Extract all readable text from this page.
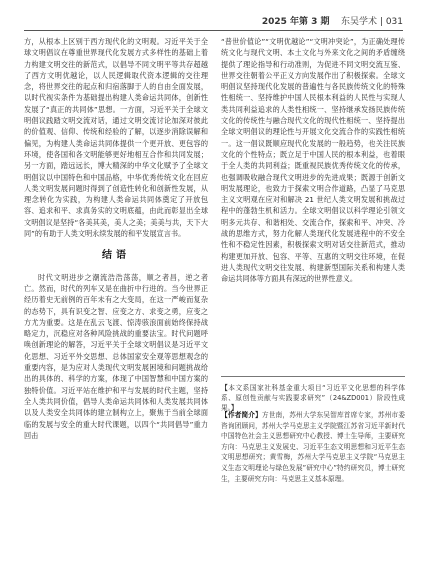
2025 年第 3 期 东吴学术 | 031

方，从根本上区别于西方现代化的文明观。习近平关于全球文明倡议在尊重世界现代化发展方式多样性的基础上着力构建文明交往的新范式，以倡导不同文明平等共存超越了西方文明优越论，以人民逻辑取代资本逻辑的交往理念，将世界交往的起点和归宿落脚于人的自由全面发展，以时代视实条件为基础提出构建人类命运共同体，创新性发展了“真正的共同体”思想。一方面，习近平关于全球文明倡议践踏文明交流对话，通过文明交流讨论加深对彼此的价值观、信仰、传统和经验的了解，以逐步消除误解和偏见，为构建人类命运共同体提供一个更开放、更包容的环境，使各国和各文明能够更好地相互合作和共同发展；另一方面，踏远远长，博大精深的中华文化赋予了全球文明倡议以中国特色和中国品格，中华优秀传统文化在回应人类文明发展问题时得到了创造性转化和创新性发展，从理念转化为实践，为构建人类命运共同体奠定了开放包容、追求和平、求真务实的文明底蕴，由此而彰显出全球文明倡议是坚持“各美其美，美人之美；美美与共，天下大同”的有助于人类文明永续发展的和平发展宣言书。

结语

时代文明进步之潮流浩浩荡荡，顺之者昌，逆之者亡。然而，时代的列车又是在曲折中行进的。当今世界正经历着史无前例的百年未有之大变局，在这一严峻而复杂的态势下，具有识变之智、应变之方、求变之勇，应变之方尤为重要。这是在乱云飞渡、惊涛骇浪面前始终保持战略定力，沉稳应对各种风险挑战的重要法宝。时代问题呼唤创新理论的解答，习近平关于全球文明倡议是习近平文化思想、习近平外交思想、总体国家安全观等思想观念的重要内容，是为应对人类现代文明发展困境和问题挑战给出的具体的、科学的方案，体现了中国智慧和中国方案的独特价值。习近平站在维护和平与发展的时代主题，坚持全人类共同价值，倡导人类命运共同体和人类发展共同体以及人类安全共同体的建立制构立上，聚焦于当前全球面临的发展与安全的重大时代课题，以四个“共同倡导”重力回击

“普世价值论”“文明优越论”“文明冲突论”，为正确处理传统文化与现代文明、本土文化与外来文化之间的矛盾缠绕提供了理论指导和行动准则，为促进不同文明交流互鉴、世界交往朝着公平正义方向发展作出了积极探索。全球文明倡议坚持现代化发展的普遍性与各民族传统文化的特殊性相统一、坚持维护中国人民根本利益的人民性与实现人类共同利益追求的人类性相统一、坚持继承发扬民族传统文化的传统性与融合现代文化的现代性相统一、坚持提出全球文明倡议的理论性与开展文化交流合作的实践性相统一。这一倡议既顺应现代化发展的一般趋势，也关注民族文化的个性特点；既立足于中国人民的根本利益，也着眼于全人类的共同利益；既重视民族优秀传统文化的传承，也强调吸收融合现代文明进步的先进成果；既源于创新文明发展理论，也致力于探索文明合作道路，凸显了马克思主义文明观在应对和解决 21 世纪人类文明发展和挑战过程中的蓬勃生机和活力。全球文明倡议以科学理论引领文明多元共存、和谐相处、交流合作，探索和平、冲突、冷战的思维方式，努力化解人类现代化发展进程中的不安全性和不稳定性因素，积极探索文明对话交往新范式，推动构建更加开放、包容、平等、互惠的文明交往环境，在促进人类现代文明交往发展、构建新型国际关系和构建人类命运共同体等方面具有深远的世界性意义。

【本文系国家社科基金重大项目“习近平文化思想的科学体系、原创性贡献与实践要求研究”（24&ZD001）阶段性成果。】
【作者简介】方世南，苏州大学东吴智库首席专家，苏州市委咨询团顾问，苏州大学马克思主义学院暨江苏省习近平新时代中国特色社会主义思想研究中心教授、博士生导师，主要研究方向：马克思主义发展史、习近平生态文明思想和习近平生态文明思想研究；黄雪梅，苏州大学马克思主义学院“马克思主义生态文明理论与绿色发展”研究中心”特约研究员，博士研究生，主要研究方向：马克思主义基本原理。
